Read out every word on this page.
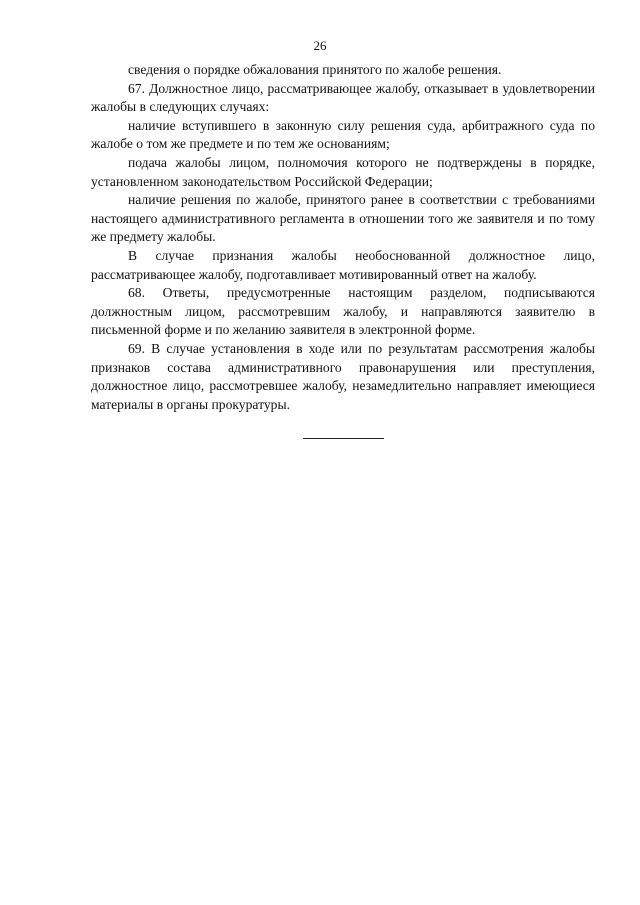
26

сведения о порядке обжалования принятого по жалобе решения.

67. Должностное лицо, рассматривающее жалобу, отказывает в удовлетворении жалобы в следующих случаях:

наличие вступившего в законную силу решения суда, арбитражного суда по жалобе о том же предмете и по тем же основаниям;

подача жалобы лицом, полномочия которого не подтверждены в порядке, установленном законодательством Российской Федерации;

наличие решения по жалобе, принятого ранее в соответствии с требованиями настоящего административного регламента в отношении того же заявителя и по тому же предмету жалобы.

В случае признания жалобы необоснованной должностное лицо, рассматривающее жалобу, подготавливает мотивированный ответ на жалобу.

68. Ответы, предусмотренные настоящим разделом, подписываются должностным лицом, рассмотревшим жалобу, и направляются заявителю в письменной форме и по желанию заявителя в электронной форме.

69. В случае установления в ходе или по результатам рассмотрения жалобы признаков состава административного правонарушения или преступления, должностное лицо, рассмотревшее жалобу, незамедлительно направляет имеющиеся материалы в органы прокуратуры.
